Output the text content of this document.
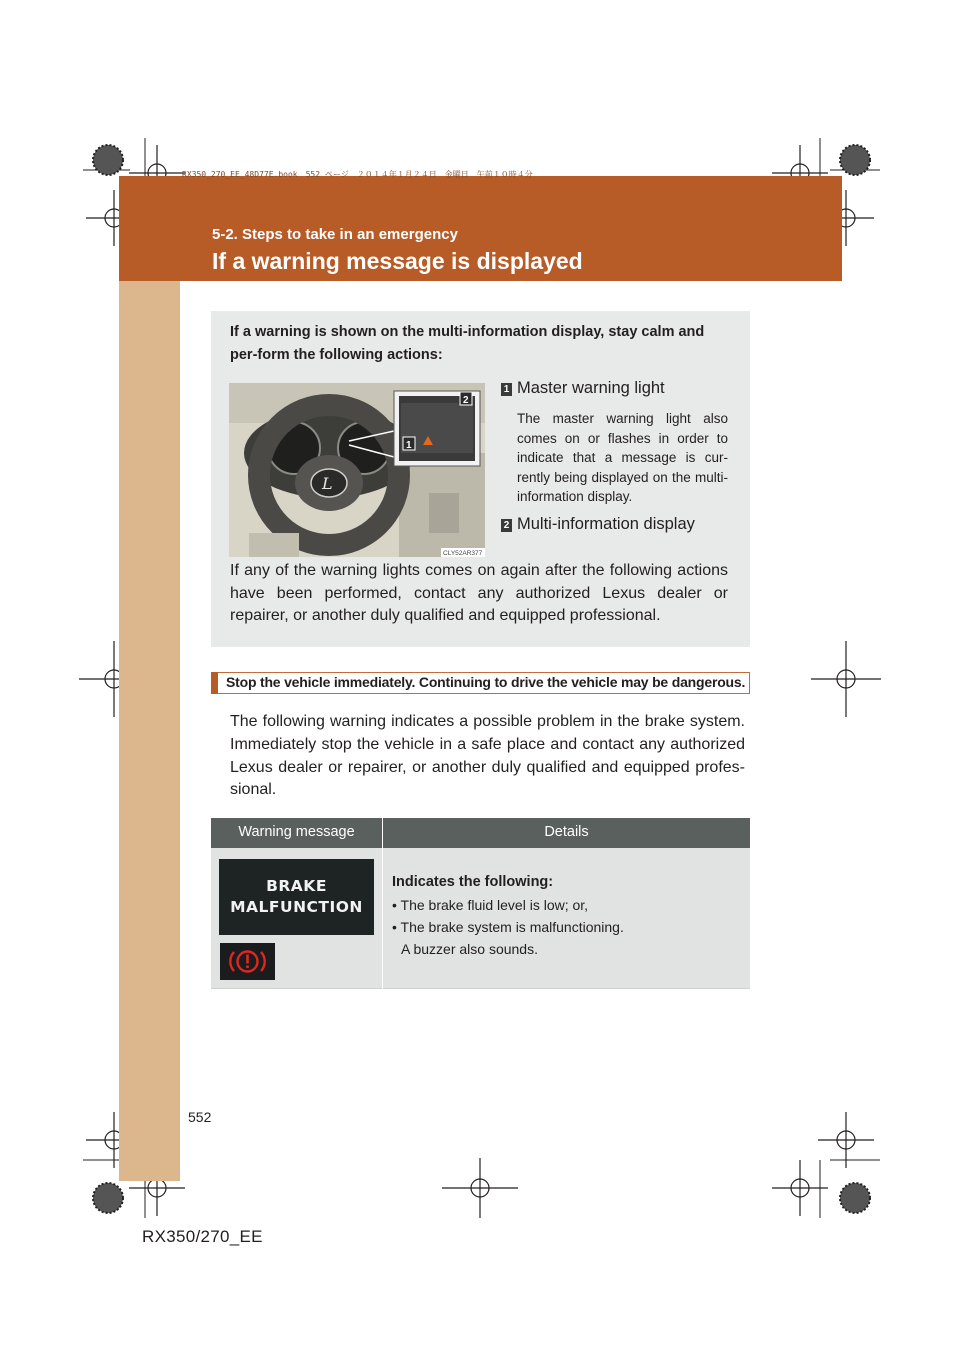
RX350_270_EE_48D77E.book　552 ページ　２０１４年１月２４日　金曜日　午前１０時４分
5-2. Steps to take in an emergency
If a warning message is displayed
If a warning is shown on the multi-information display, stay calm and per-form the following actions:
L
2
1
CLY52AR377
1 Master warning light
The master warning light also comes on or flashes in order to indicate that a message is cur-rently being displayed on the multi-information display.
2 Multi-information display
If any of the warning lights comes on again after the following actions have been performed, contact any authorized Lexus dealer or repairer, or another duly qualified and equipped professional.
Stop the vehicle immediately. Continuing to drive the vehicle may be dangerous.
The following warning indicates a possible problem in the brake system. Immediately stop the vehicle in a safe place and contact any authorized Lexus dealer or repairer, or another duly qualified and equipped profes-sional.
Warning message	Details
BRAKE MALFUNCTION
Indicates the following:
• The brake fluid level is low; or,
• The brake system is malfunctioning.
A buzzer also sounds.
552
RX350/270_EE
